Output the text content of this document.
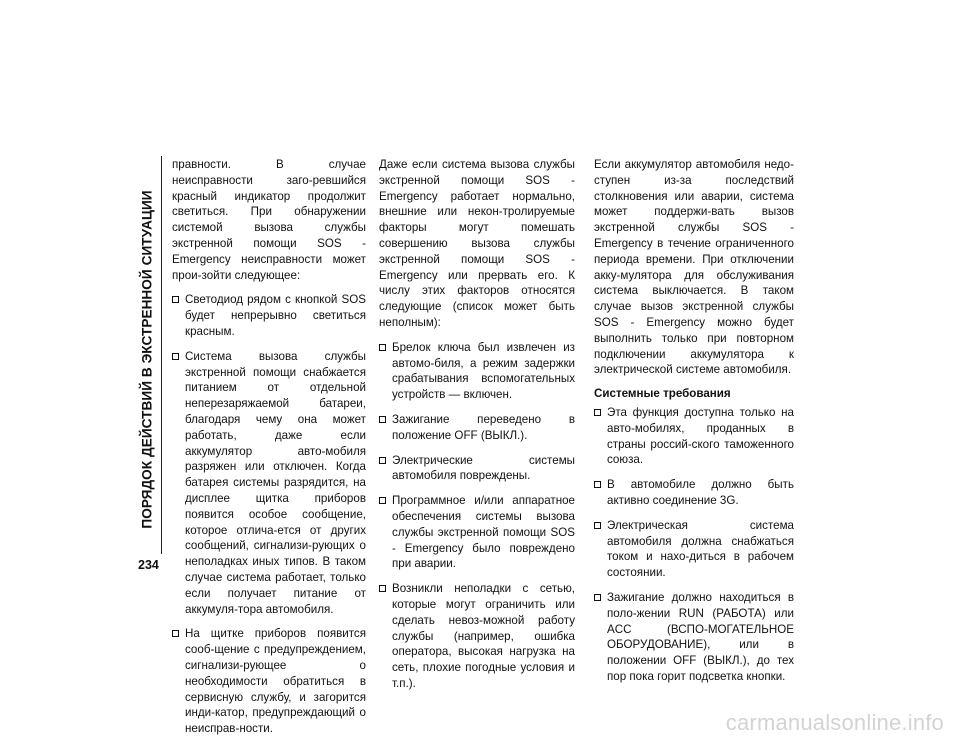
ПОРЯДОК ДЕЙСТВИЙ В ЭКСТРЕННОЙ СИТУАЦИИ
234

правности. В случае неисправности заго-ревшийся красный индикатор продолжит светиться. При обнаружении системой вызова службы экстренной помощи SOS - Emergency неисправности может прои-зойти следующее:

Светодиод рядом с кнопкой SOS будет непрерывно светиться красным.

Система вызова службы экстренной помощи снабжается питанием от отдельной неперезаряжаемой батареи, благодаря чему она может работать, даже если аккумулятор авто-мобиля разряжен или отключен. Когда батарея системы разрядится, на дисплее щитка приборов появится особое сообщение, которое отлича-ется от других сообщений, сигнализи-рующих о неполадках иных типов. В таком случае система работает, только если получает питание от аккумуля-тора автомобиля.

На щитке приборов появится сооб-щение с предупреждением, сигнализи-рующее о необходимости обратиться в сервисную службу, и загорится инди-катор, предупреждающий о неисправ-ности.

Даже если система вызова службы экстренной помощи SOS - Emergency работает нормально, внешние или некон-тролируемые факторы могут помешать совершению вызова службы экстренной помощи SOS - Emergency или прервать его. К числу этих факторов относятся следующие (список может быть неполным):

Брелок ключа был извлечен из автомо-биля, а режим задержки срабатывания вспомогательных устройств — включен.

Зажигание переведено в положение OFF (ВЫКЛ.).

Электрические системы автомобиля повреждены.

Программное и/или аппаратное обеспечения системы вызова службы экстренной помощи SOS - Emergency было повреждено при аварии.

Возникли неполадки с сетью, которые могут ограничить или сделать невоз-можной работу службы (например, ошибка оператора, высокая нагрузка на сеть, плохие погодные условия и т.п.).

Если аккумулятор автомобиля недо-ступен из-за последствий столкновения или аварии, система может поддержи-вать вызов экстренной службы SOS - Emergency в течение ограниченного периода времени. При отключении акку-мулятора для обслуживания система выключается. В таком случае вызов экстренной службы SOS - Emergency можно будет выполнить только при повторном подключении аккумулятора к электрической системе автомобиля.

Системные требования

Эта функция доступна только на авто-мобилях, проданных в страны россий-ского таможенного союза.

В автомобиле должно быть активно соединение 3G.

Электрическая система автомобиля должна снабжаться током и нахо-диться в рабочем состоянии.

Зажигание должно находиться в поло-жении RUN (РАБОТА) или ACC (ВСПО-МОГАТЕЛЬНОЕ ОБОРУДОВАНИЕ), или в положении OFF (ВЫКЛ.), до тех пор пока горит подсветка кнопки.

carmanualsonline.info
